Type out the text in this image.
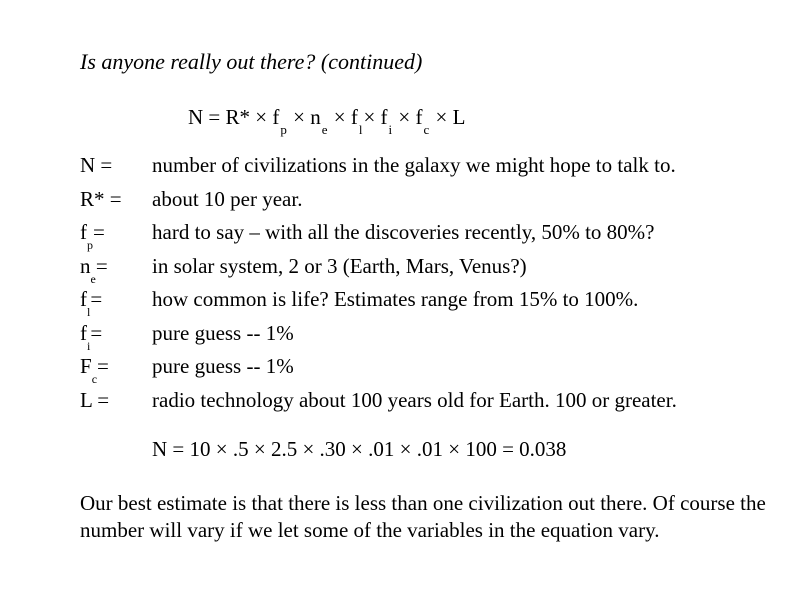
Is anyone really out there? (continued)
$N = R* \times f_p \times n_e \times f_l\times f_i \times f_c \times L$
N = number of civilizations in the galaxy we might hope to talk to.
R* = about 10 per year.
$f_p=$ hard to say – with all the discoveries recently, 50% to 80%?
$n_e=$ in solar system, 2 or 3 (Earth, Mars, Venus?)
$f_l=$ how common is life? Estimates range from 15% to 100%.
$f_i=$ pure guess -- 1%
$F_c=$ pure guess -- 1%
L = radio technology about 100 years old for Earth. 100 or greater.
N = 10 × .5 × 2.5 × .30 × .01 × .01 × 100 = 0.038
Our best estimate is that there is less than one civilization out there. Of course the number will vary if we let some of the variables in the equation vary.
